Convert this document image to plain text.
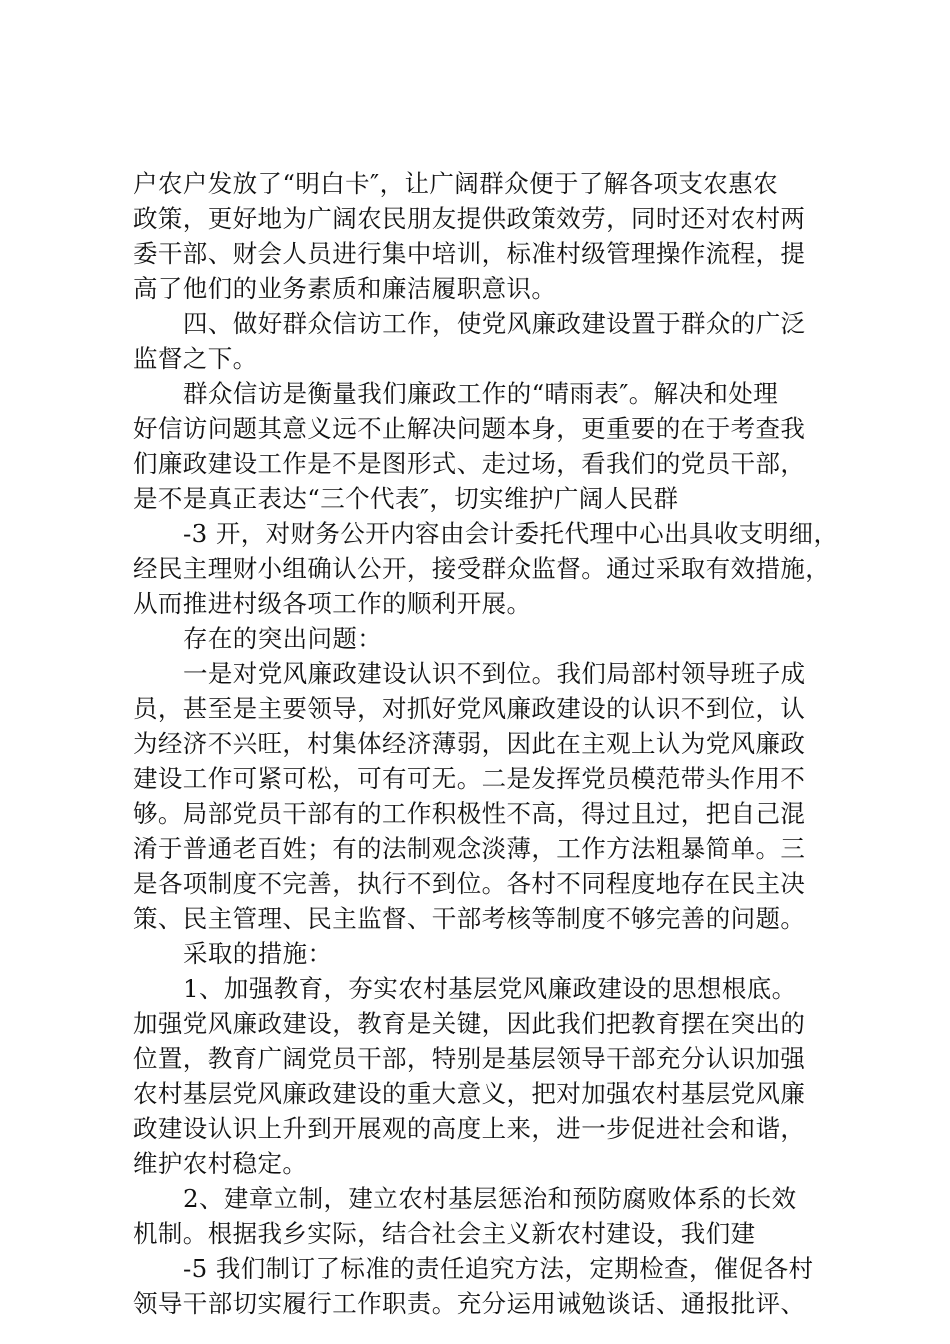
户农户发放了“明白卡″，让广阔群众便于了解各项支农惠农
政策，更好地为广阔农民朋友提供政策效劳，同时还对农村两
委干部、财会人员进行集中培训，标准村级管理操作流程，提
高了他们的业务素质和廉洁履职意识。
四、做好群众信访工作，使党风廉政建设置于群众的广泛
监督之下。
群众信访是衡量我们廉政工作的“晴雨表″。解决和处理
好信访问题其意义远不止解决问题本身，更重要的在于考查我
们廉政建设工作是不是图形式、走过场，看我们的党员干部，
是不是真正表达“三个代表″，切实维护广阔人民群
-3 开，对财务公开内容由会计委托代理中心出具收支明细，
经民主理财小组确认公开，接受群众监督。通过采取有效措施，
从而推进村级各项工作的顺利开展。
存在的突出问题：
一是对党风廉政建设认识不到位。我们局部村领导班子成
员，甚至是主要领导，对抓好党风廉政建设的认识不到位，认
为经济不兴旺，村集体经济薄弱，因此在主观上认为党风廉政
建设工作可紧可松，可有可无。二是发挥党员模范带头作用不
够。局部党员干部有的工作积极性不高，得过且过，把自己混
淆于普通老百姓；有的法制观念淡薄，工作方法粗暴简单。三
是各项制度不完善，执行不到位。各村不同程度地存在民主决
策、民主管理、民主监督、干部考核等制度不够完善的问题。
采取的措施：
1、加强教育，夯实农村基层党风廉政建设的思想根底。
加强党风廉政建设，教育是关键，因此我们把教育摆在突出的
位置，教育广阔党员干部，特别是基层领导干部充分认识加强
农村基层党风廉政建设的重大意义，把对加强农村基层党风廉
政建设认识上升到开展观的高度上来，进一步促进社会和谐，
维护农村稳定。
2、建章立制，建立农村基层惩治和预防腐败体系的长效
机制。根据我乡实际，结合社会主义新农村建设，我们建
-5 我们制订了标准的责任追究方法，定期检查，催促各村
领导干部切实履行工作职责。充分运用诫勉谈话、通报批评、
